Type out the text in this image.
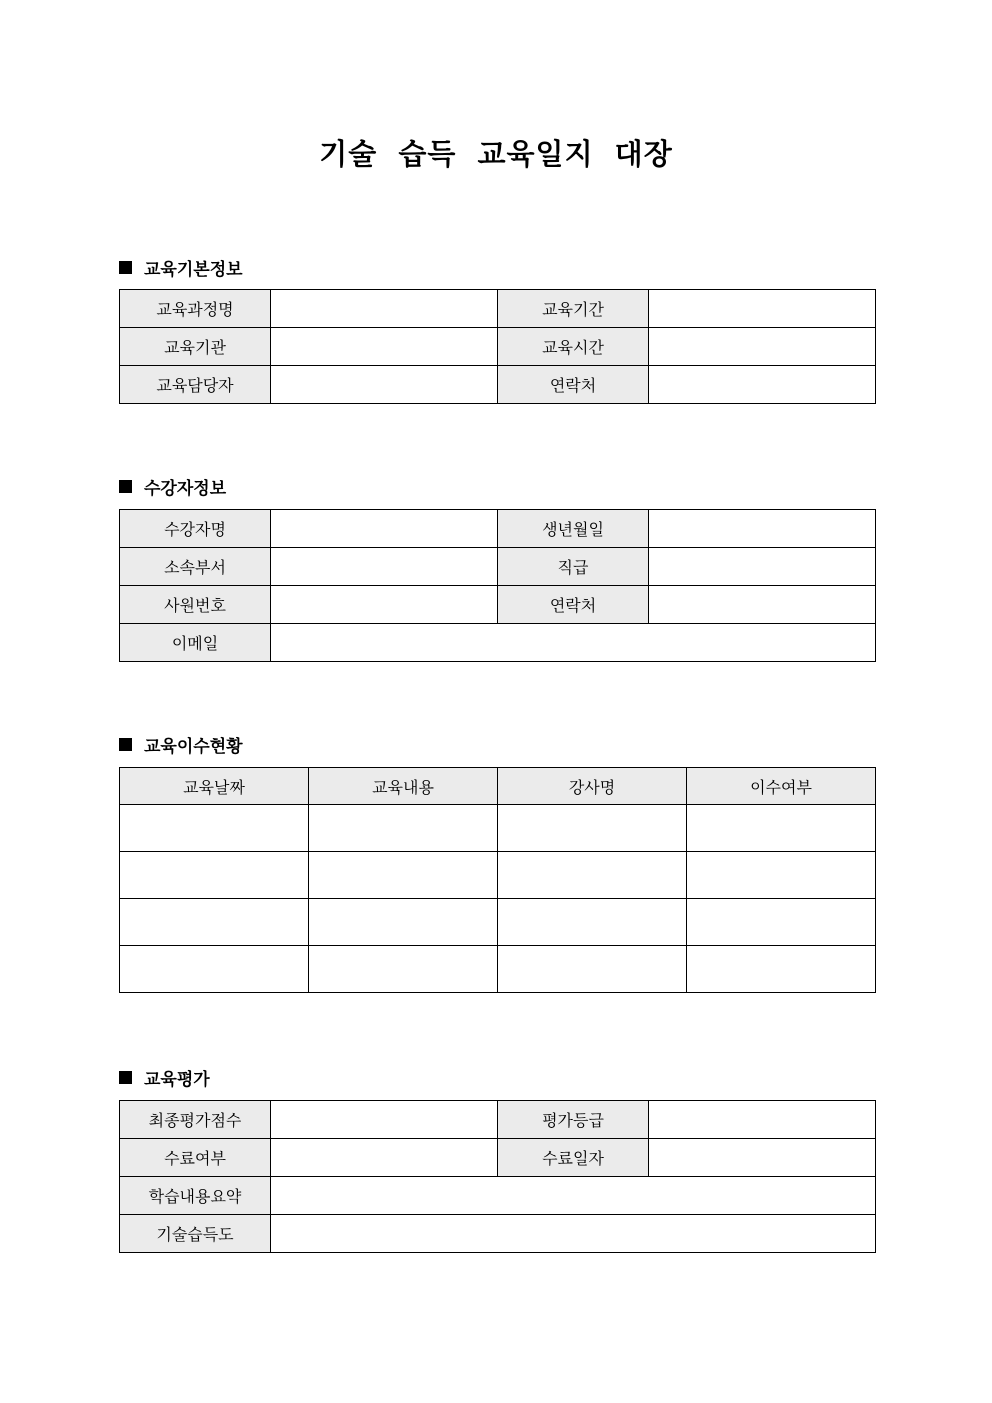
기술 습득 교육일지 대장
교육기본정보
교육과정명		교육기간	
교육기관		교육시간	
교육담당자		연락처	
수강자정보
수강자명		생년월일	
소속부서		직급	
사원번호		연락처	
이메일			
교육이수현황
교육날짜	교육내용	강사명	이수여부

교육평가
최종평가점수		평가등급	
수료여부		수료일자	
학습내용요약			
기술습득도			
